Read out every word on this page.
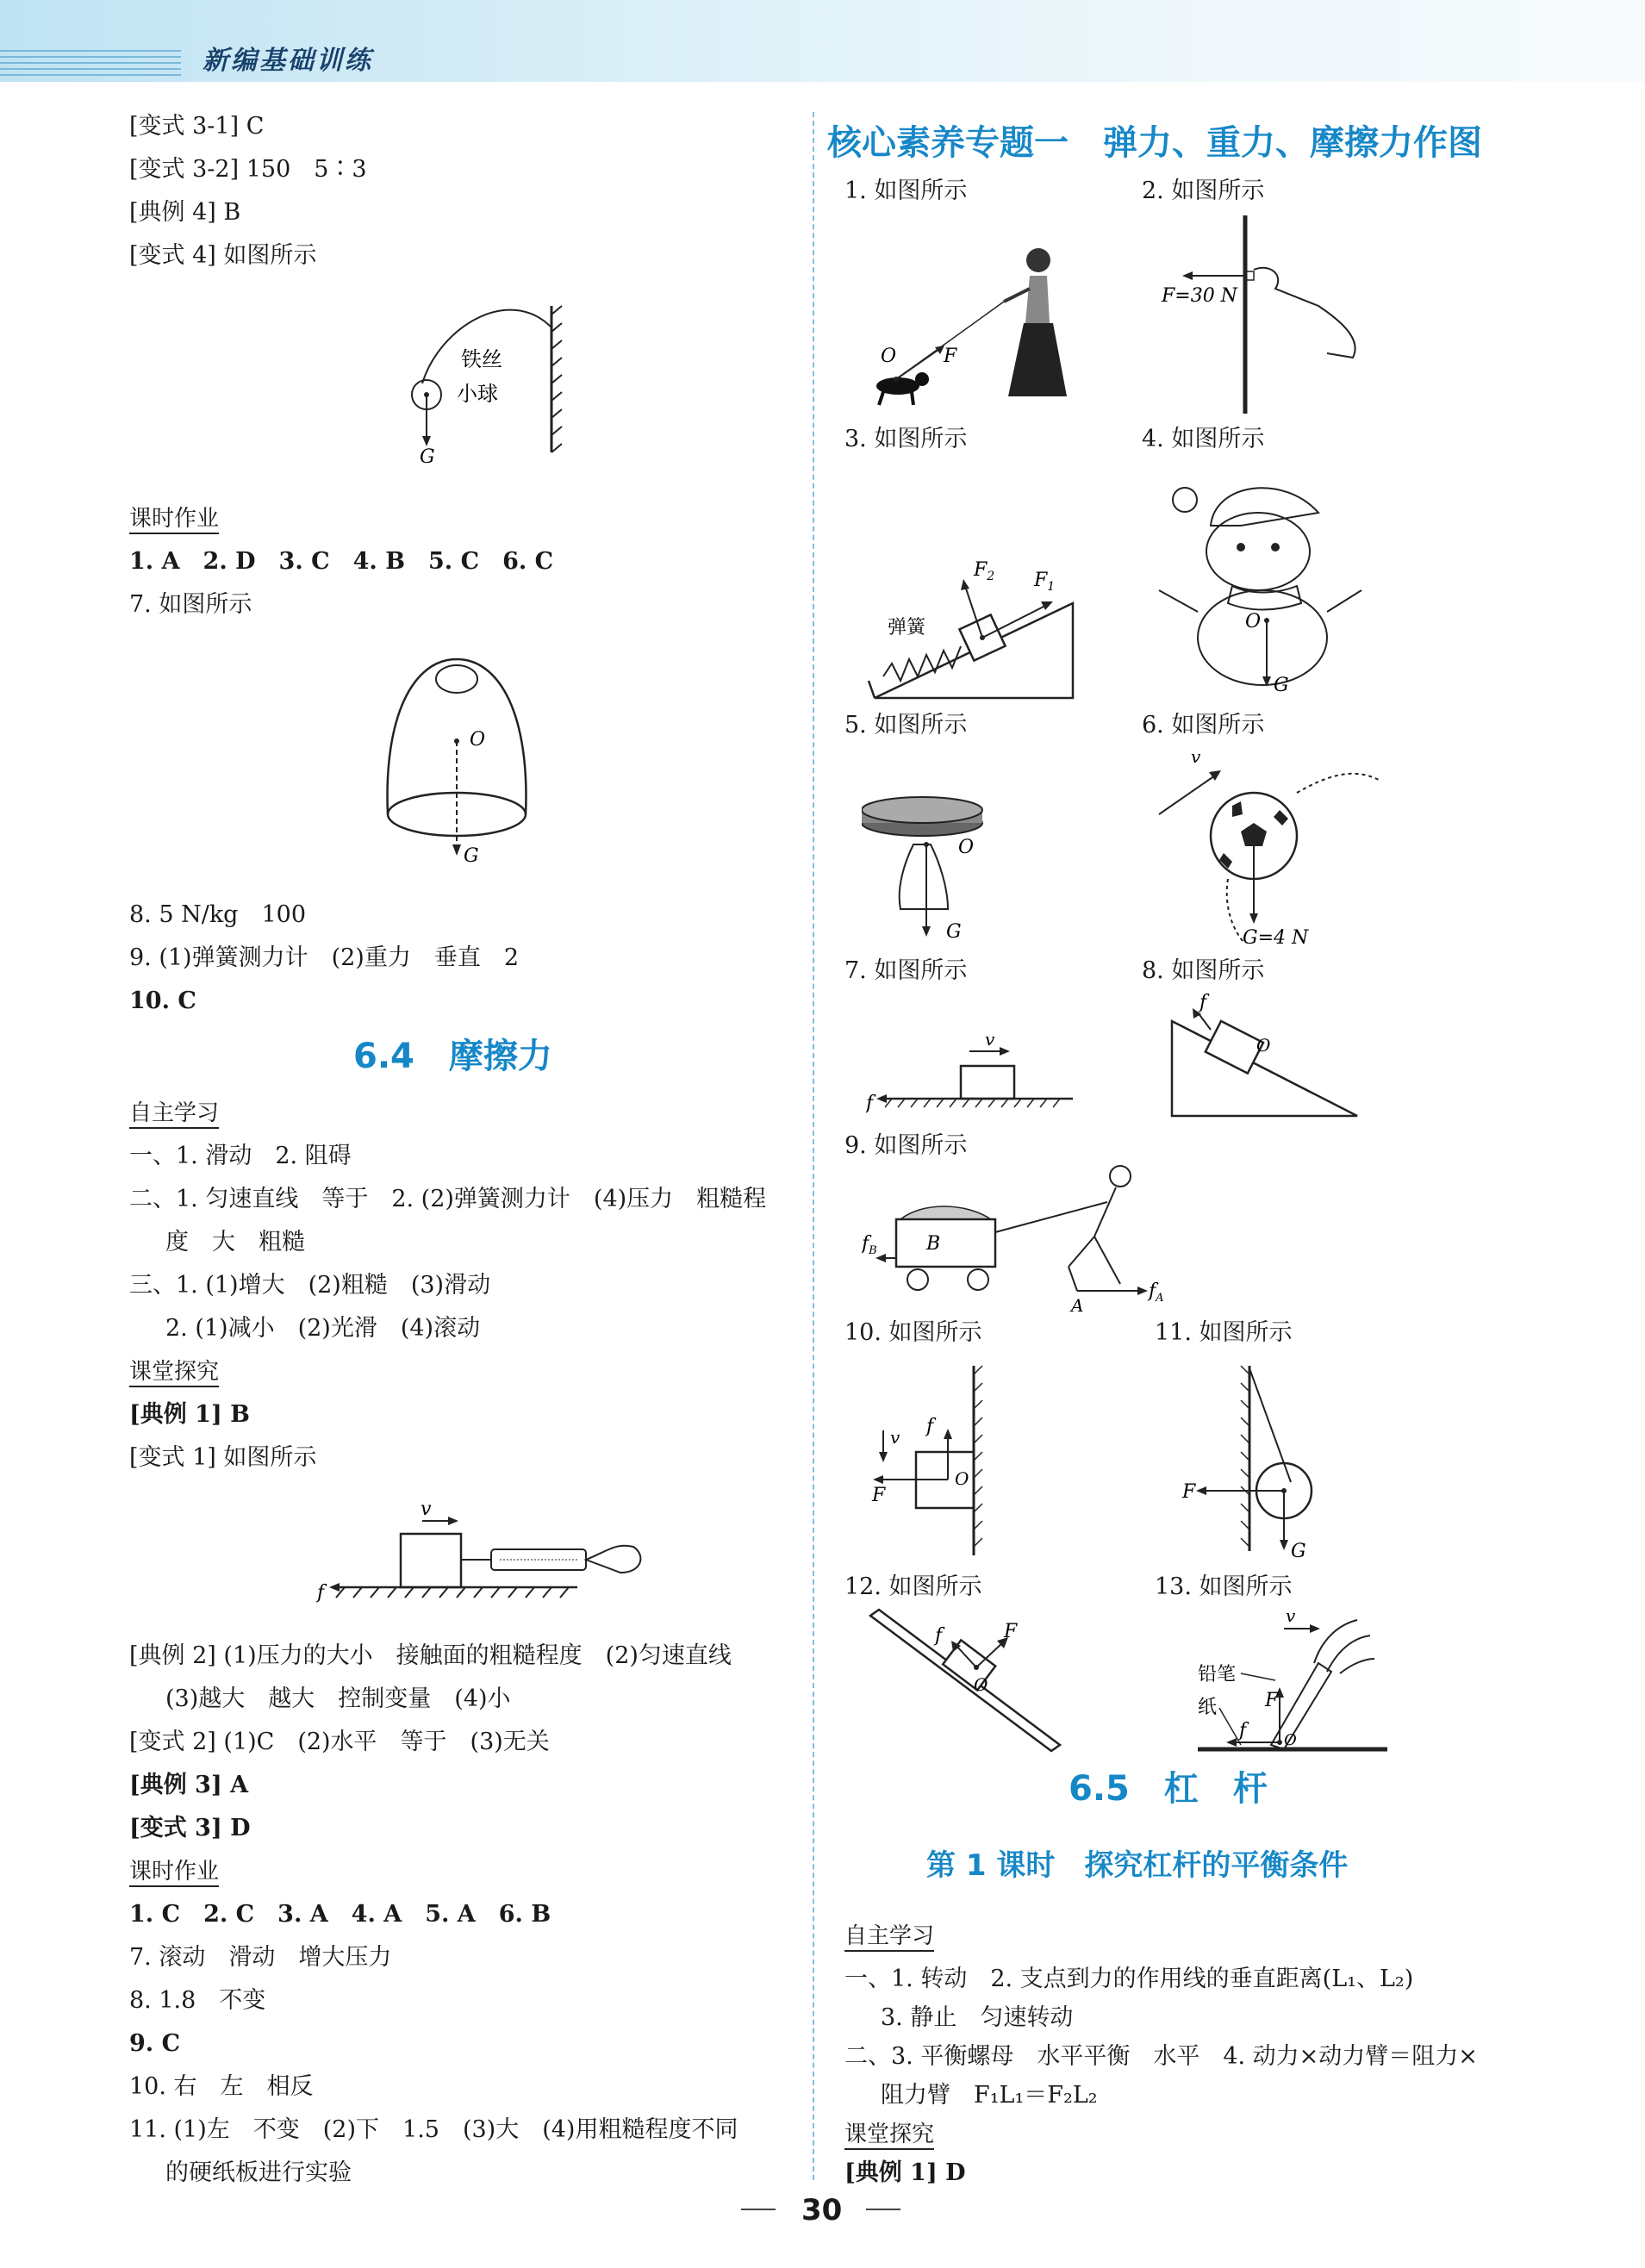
新编基础训练
[变式 3-1] C
[变式 3-2] 150　5∶3
[典例 4] B
[变式 4] 如图所示
铁丝
小球
G
课时作业
1. A　2. D　3. C　4. B　5. C　6. C
7. 如图所示
O
G
8. 5 N/kg　100
9. (1)弹簧测力计　(2)重力　垂直　2
10. C
6.4　摩擦力
自主学习
一、1. 滑动　2. 阻碍
二、1. 匀速直线　等于　2. (2)弹簧测力计　(4)压力　粗糙程
度　大　粗糙
三、1. (1)增大　(2)粗糙　(3)滑动
2. (1)减小　(2)光滑　(4)滚动
课堂探究
[典例 1] B
[变式 1] 如图所示
v
f
[典例 2] (1)压力的大小　接触面的粗糙程度　(2)匀速直线
(3)越大　越大　控制变量　(4)小
[变式 2] (1)C　(2)水平　等于　(3)无关
[典例 3] A
[变式 3] D
课时作业
1. C　2. C　3. A　4. A　5. A　6. B
7. 滚动　滑动　增大压力
8. 1.8　不变
9. C
10. 右　左　相反
11. (1)左　不变　(2)下　1.5　(3)大　(4)用粗糙程度不同
的硬纸板进行实验
核心素养专题一　弹力、重力、摩擦力作图
1. 如图所示	2. 如图所示
O F
F=30 N
3. 如图所示	4. 如图所示
$F_2$ $F_1$
弹簧	O
G
5. 如图所示	6. 如图所示
O
G
v
G=4 N
7. 如图所示	8. 如图所示
v
f
O
f
9. 如图所示
B
$f_B$
A
$f_A$
10. 如图所示	11. 如图所示
v f
F
O
F
G
12. 如图所示	13. 如图所示
f	F
O
v
F
f O
铅笔
纸
6.5　杠　杆
第 1 课时　探究杠杆的平衡条件
自主学习
一、1. 转动　2. 支点到力的作用线的垂直距离(L₁、L₂)
3. 静止　匀速转动
二、3. 平衡螺母　水平平衡　水平　4. 动力×动力臂＝阻力×
阻力臂　F₁L₁＝F₂L₂
课堂探究
[典例 1] D
30
